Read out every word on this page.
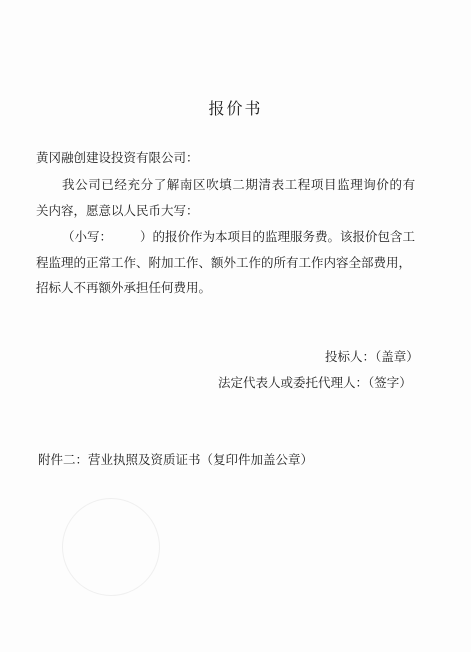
报价书
黄冈融创建设投资有限公司：
我公司已经充分了解南区吹填二期清表工程项目监理询价的有
关内容，愿意以人民币大写：
（小写： ）的报价作为本项目的监理服务费。该报价包含工
程监理的正常工作、附加工作、额外工作的所有工作内容全部费用，
招标人不再额外承担任何费用。
投标人：（盖章）
法定代表人或委托代理人：（签字）
附件二：营业执照及资质证书（复印件加盖公章）
